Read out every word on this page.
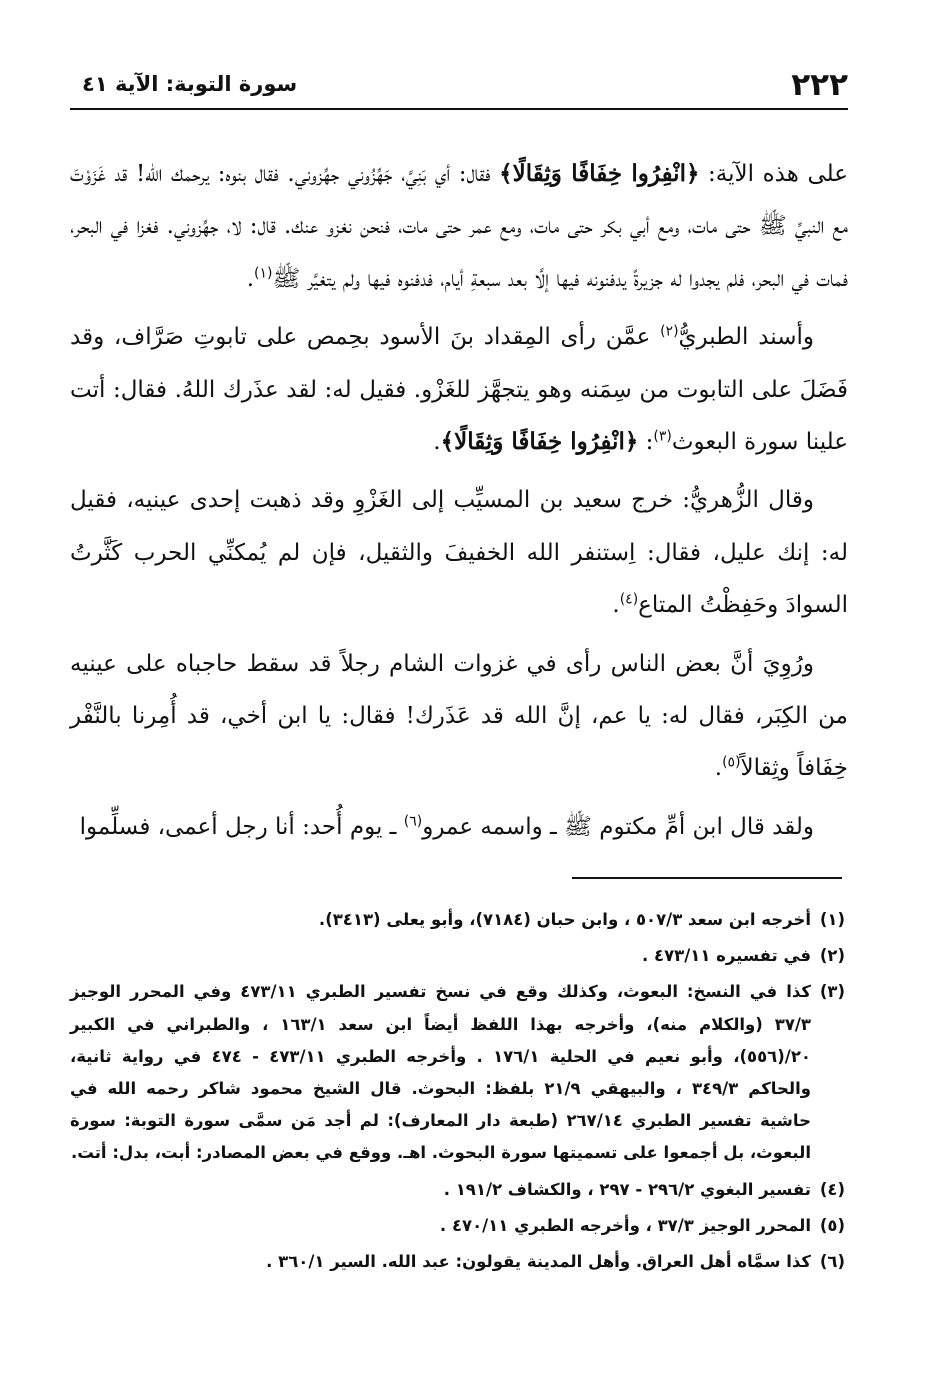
٢٢٢
سورة التوبة: الآية ٤١

على هذه الآية: ﴿انْفِرُوا خِفَافًا وَثِقَالًا﴾ فقال: أي بَنِيَّ، جَهِّزُوني جهِّزوني. فقال بنوه: يرحمك الله! قد غَزَوْتَ مع النبيِّ ﷺ حتى مات، ومع أبي بكر حتى مات، ومع عمر حتى مات، فنحن نغزو عنك. قال: لا، جهِّزوني. فغزا في البحر، فمات في البحر، فلم يجدوا له جزيرةً يدفنونه فيها إلَّا بعد سبعةِ أيام، فدفنوه فيها ولم يتغيَّر ﷺ$^{(١)}$.

وأسند الطبريُّ$^{(٢)}$ عمَّن رأى المِقداد بنَ الأسود بحِمص على تابوتِ صَرَّاف، وقد فَضَلَ على التابوت من سِمَنه وهو يتجهَّز للغَزْو. فقيل له: لقد عذَرك اللهُ. فقال: أتت علينا سورة البعوث$^{(٣)}$: ﴿انْفِرُوا خِفَافًا وَثِقَالًا﴾.

وقال الزُّهريُّ: خرج سعيد بن المسيِّب إلى الغَزْوِ وقد ذهبت إحدى عينيه، فقيل له: إنك عليل، فقال: اِستنفر الله الخفيفَ والثقيل، فإن لم يُمكنِّي الحرب كَثَّرتُ السوادَ وحَفِظْتُ المتاع$^{(٤)}$.

ورُوِيَ أنَّ بعض الناس رأى في غزوات الشام رجلاً قد سقط حاجباه على عينيه من الكِبَر، فقال له: يا عم، إنَّ الله قد عَذَرك! فقال: يا ابن أخي، قد أُمِرنا بالنَّفْر خِفَافاً وثِقالاً$^{(٥)}$.

ولقد قال ابن أمِّ مكتوم ﷺ ـ واسمه عمرو$^{(٦)}$ ـ يوم أُحد: أنا رجل أعمى، فسلِّموا

(١)أخرجه ابن سعد ٥٠٧/٣ ، وابن حبان (٧١٨٤)، وأبو يعلى (٣٤١٣).
(٢)في تفسيره ٤٧٣/١١ .
(٣)كذا في النسخ: البعوث، وكذلك وقع في نسخ تفسير الطبري ٤٧٣/١١ وفي المحرر الوجيز ٣٧/٣ (والكلام منه)، وأخرجه بهذا اللفظ أيضاً ابن سعد ١٦٣/١ ، والطبراني في الكبير ٢٠/(٥٥٦)، وأبو نعيم في الحلية ١٧٦/١ . وأخرجه الطبري ٤٧٣/١١ - ٤٧٤ في رواية ثانية، والحاكم ٣٤٩/٣ ، والبيهقي ٢١/٩ بلفظ: البحوث. قال الشيخ محمود شاكر رحمه الله في حاشية تفسير الطبري ٢٦٧/١٤ (طبعة دار المعارف): لم أجد مَن سمَّى سورة التوبة: سورة البعوث، بل أجمعوا على تسميتها سورة البحوث. اهـ. ووقع في بعض المصادر: أبت، بدل: أتت.
(٤)تفسير البغوي ٢٩٦/٢ - ٢٩٧ ، والكشاف ١٩١/٢ .
(٥)المحرر الوجيز ٣٧/٣ ، وأخرجه الطبري ٤٧٠/١١ .
(٦)كذا سمَّاه أهل العراق. وأهل المدينة يقولون: عبد الله. السير ٣٦٠/١ .
